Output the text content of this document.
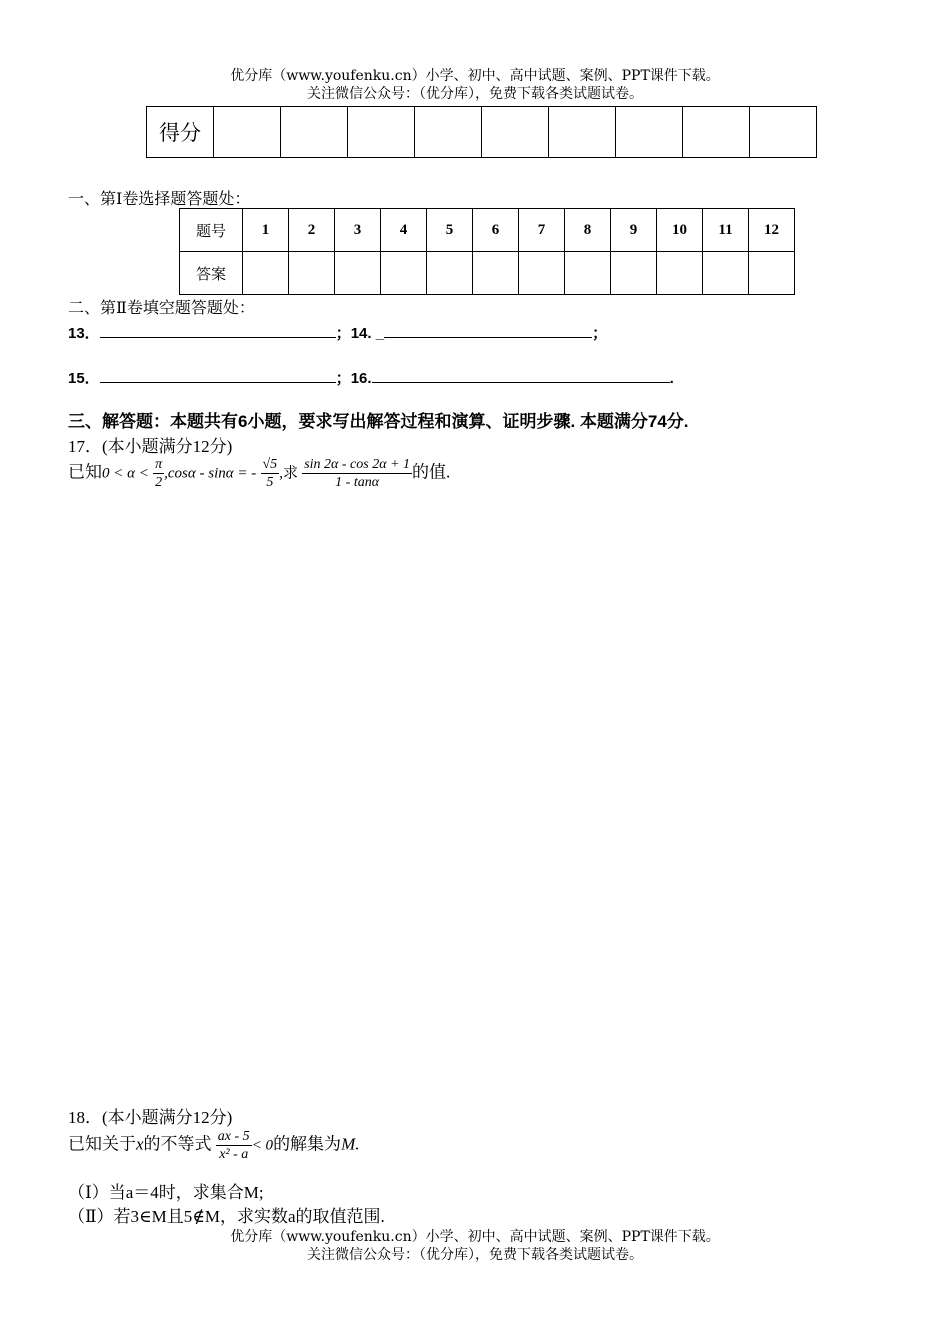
优分库（www.youfenku.cn）小学、初中、高中试题、案例、PPT课件下载。
关注微信公众号：（优分库），免费下载各类试题试卷。
得分									
一、第Ⅰ卷选择题答题处：
题号	1	2	3	4	5	6	7	8	9	10	11	12
答案												
二、第Ⅱ卷填空题答题处：
13．	；14. _	；
15．	；16.	.
三、解答题：本题共有6小题，要求写出解答过程和演算、证明步骤. 本题满分74分.
17．(本小题满分12分)
已知$0 < \alpha < \frac{\pi}{2} ,\cos\alpha - \sin\alpha$ = - $\frac{√5}{5}$ ,求 $\frac{\sin 2\alpha - \cos 2\alpha + 1}{1 - \tan\alpha}$ 的值.
18．(本小题满分12分)
已知关于x的不等式 $\frac{ax - 5}{\text{x² - a}} < 0$的解集为M.
（Ⅰ）当a＝4时，求集合M;
（Ⅱ）若3∈M且5∉M，求实数a的取值范围.
优分库（www.youfenku.cn）小学、初中、高中试题、案例、PPT课件下载。
关注微信公众号：（优分库），免费下载各类试题试卷。
